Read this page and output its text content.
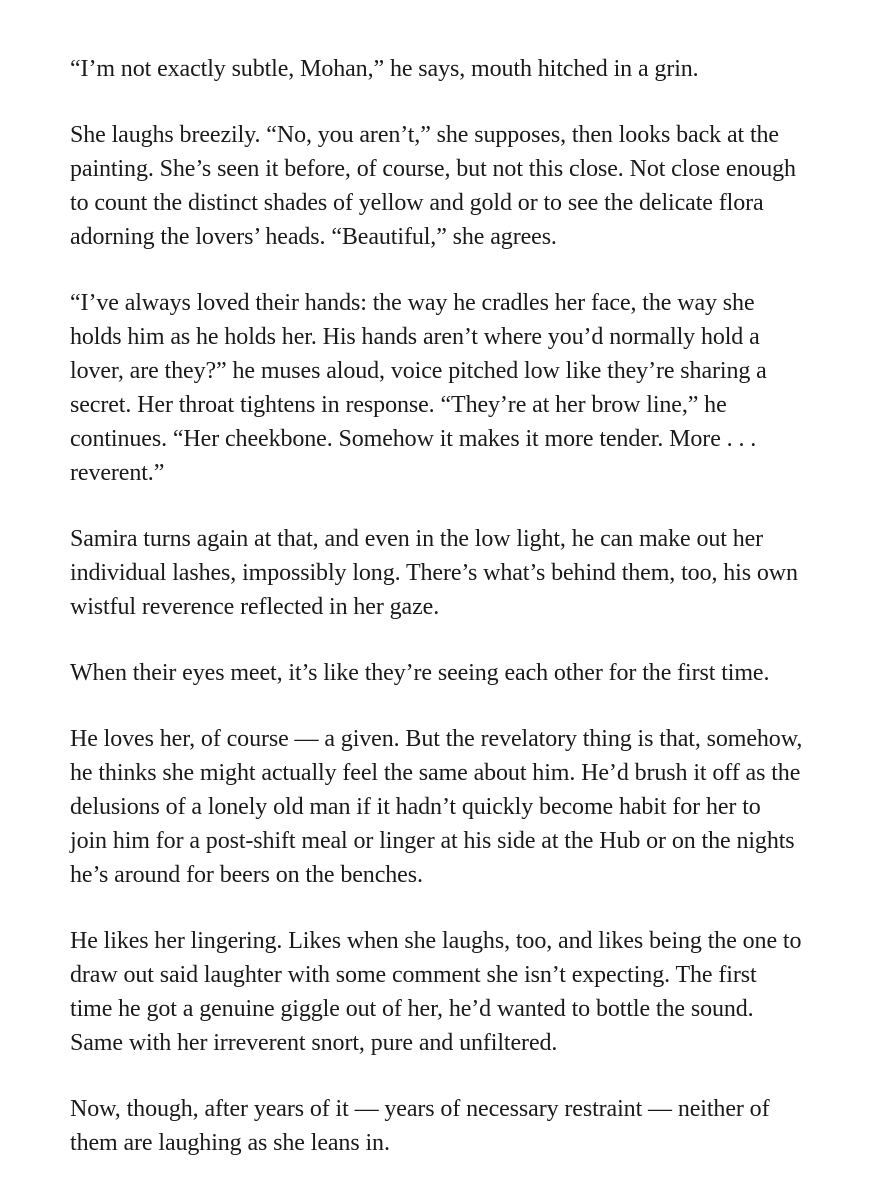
“I’m not exactly subtle, Mohan,” he says, mouth hitched in a grin.

She laughs breezily. “No, you aren’t,” she supposes, then looks back at the painting. She’s seen it before, of course, but not this close. Not close enough to count the distinct shades of yellow and gold or to see the delicate flora adorning the lovers’ heads. “Beautiful,” she agrees.

“I’ve always loved their hands: the way he cradles her face, the way she holds him as he holds her. His hands aren’t where you’d normally hold a lover, are they?” he muses aloud, voice pitched low like they’re sharing a secret. Her throat tightens in response. “They’re at her brow line,” he continues. “Her cheekbone. Somehow it makes it more tender. More . . . reverent.”

Samira turns again at that, and even in the low light, he can make out her individual lashes, impossibly long. There’s what’s behind them, too, his own wistful reverence reflected in her gaze.

When their eyes meet, it’s like they’re seeing each other for the first time.

He loves her, of course — a given. But the revelatory thing is that, somehow, he thinks she might actually feel the same about him. He’d brush it off as the delusions of a lonely old man if it hadn’t quickly become habit for her to join him for a post-shift meal or linger at his side at the Hub or on the nights he’s around for beers on the benches.

He likes her lingering. Likes when she laughs, too, and likes being the one to draw out said laughter with some comment she isn’t expecting. The first time he got a genuine giggle out of her, he’d wanted to bottle the sound. Same with her irreverent snort, pure and unfiltered.

Now, though, after years of it — years of necessary restraint — neither of them are laughing as she leans in.
